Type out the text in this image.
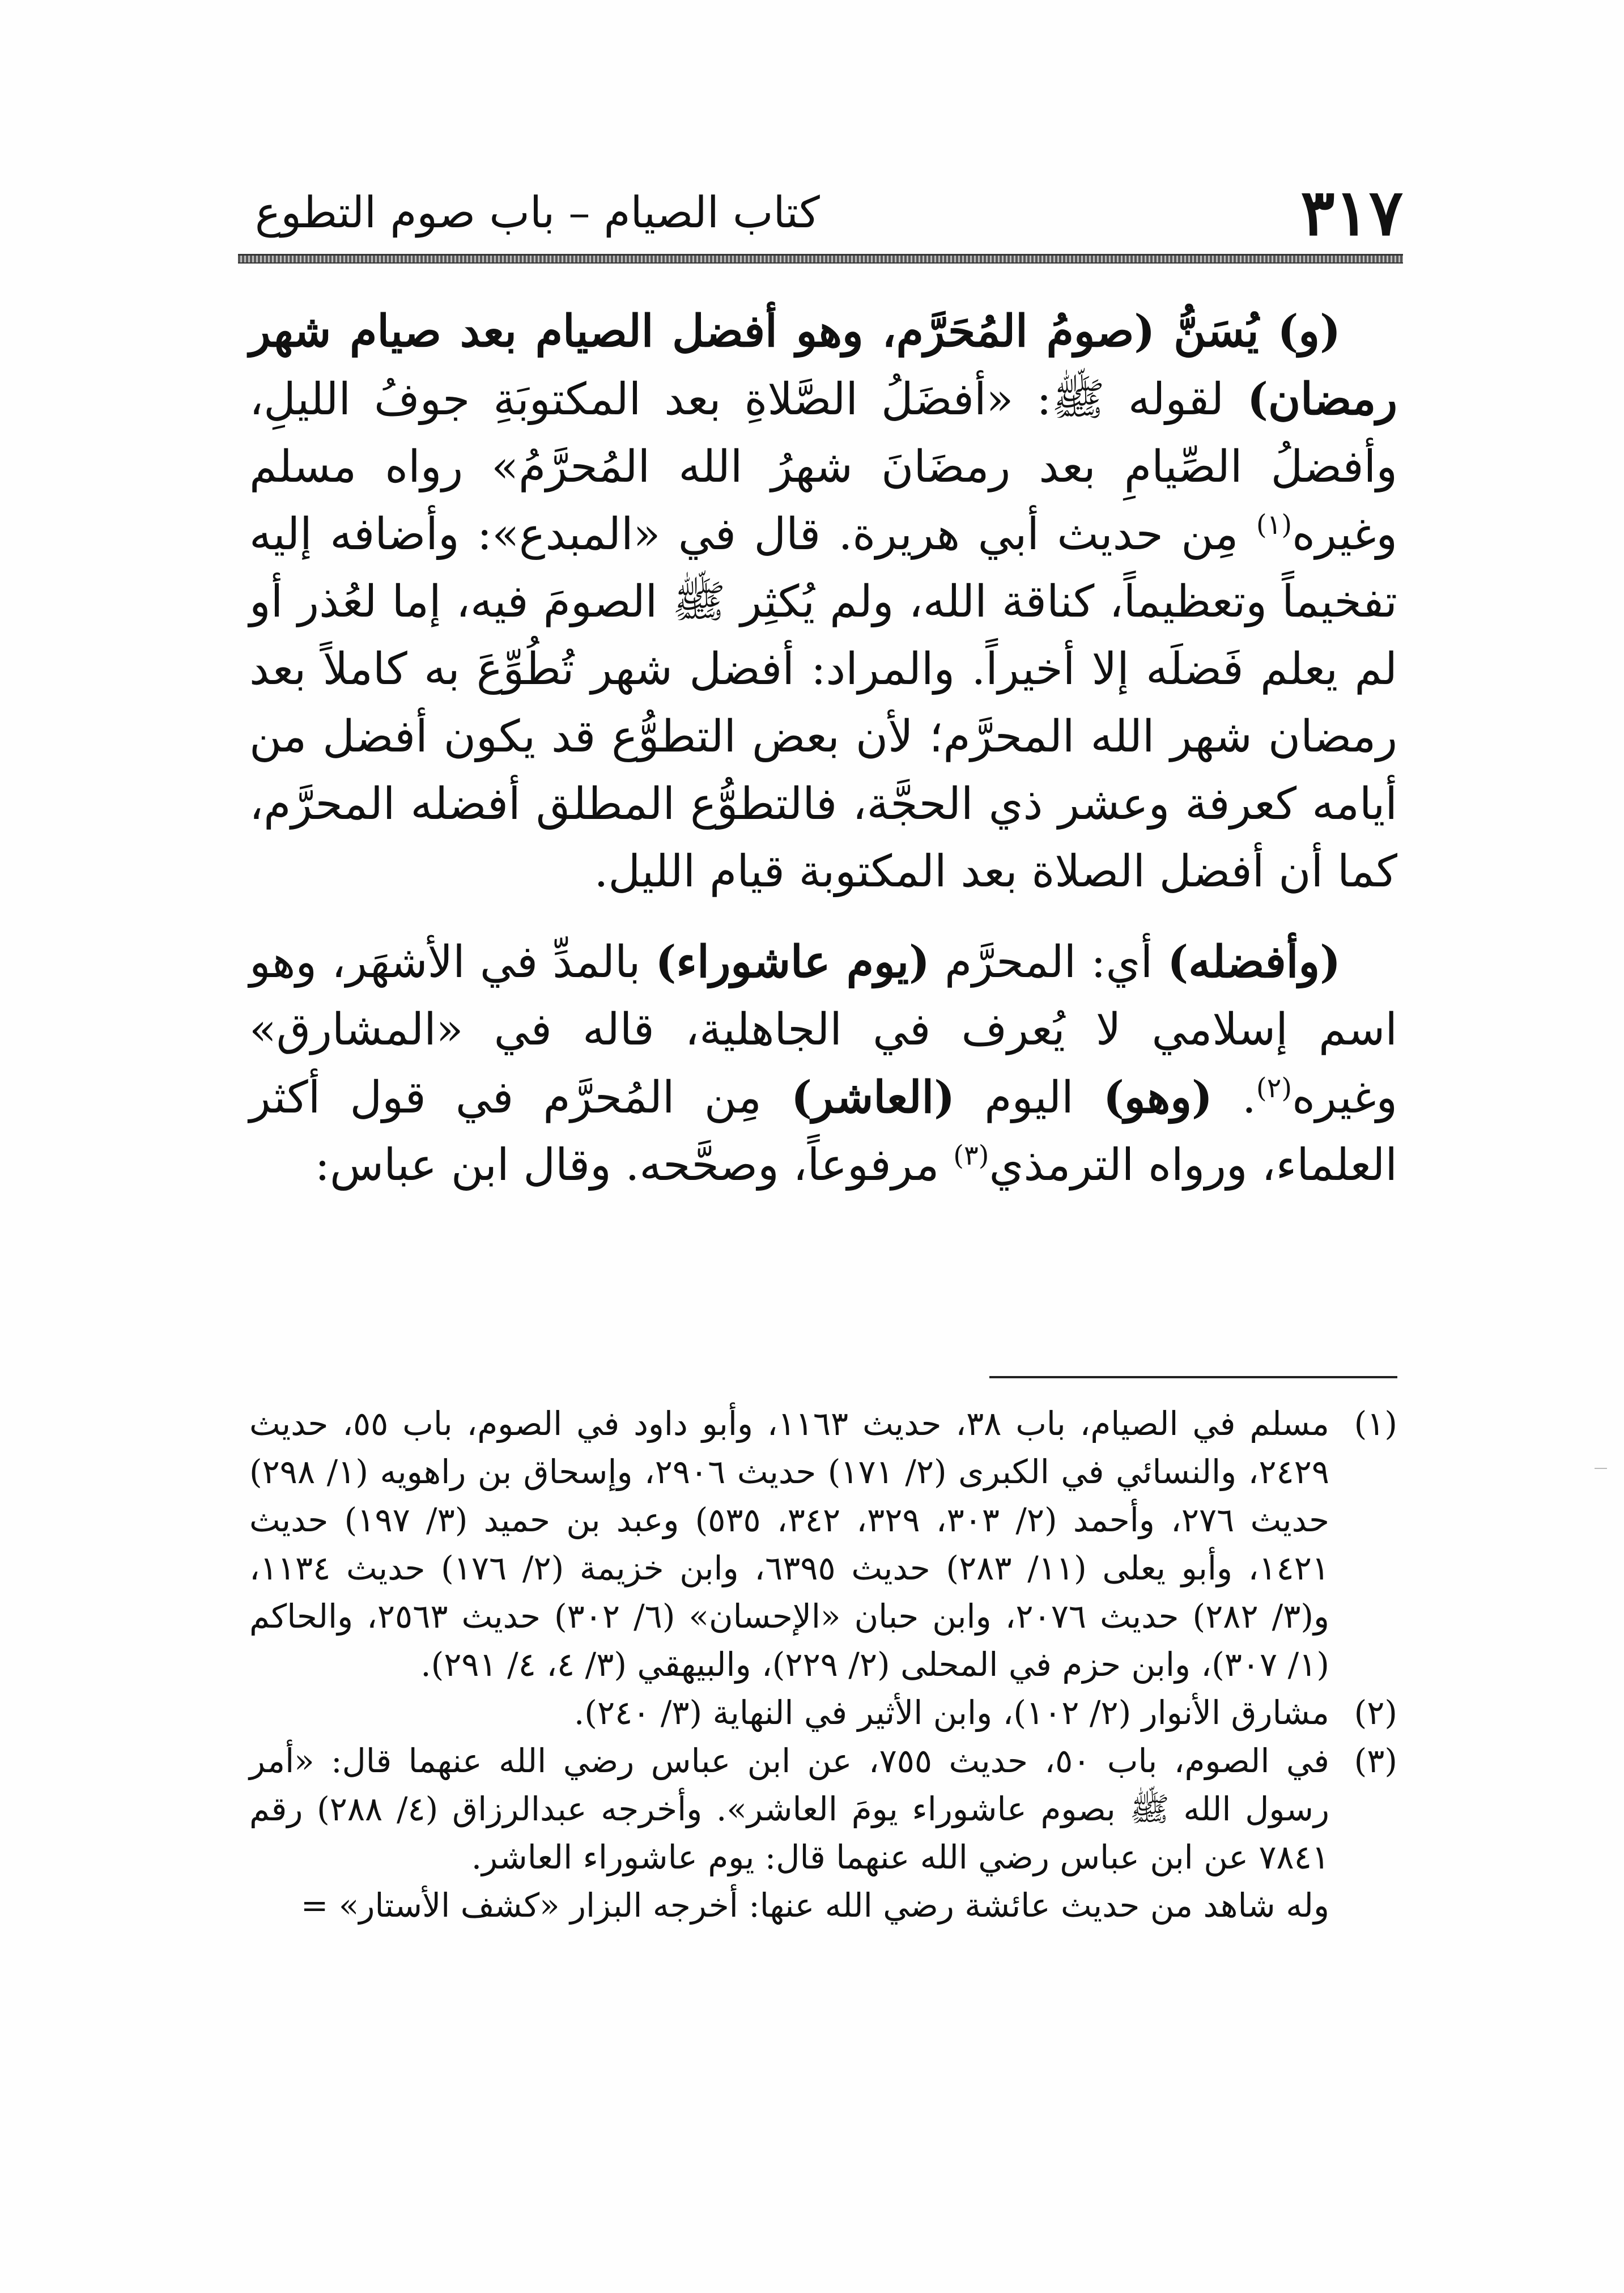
٣١٧
كتاب الصيام – باب صوم التطوع

(و) يُسَنُّ (صومُ المُحَرَّم، وهو أفضل الصيام بعد صيام شهر رمضان) لقوله ﷺ: «أفضَلُ الصَّلاةِ بعد المكتوبَةِ جوفُ الليلِ، وأفضلُ الصِّيامِ بعد رمضَانَ شهرُ الله المُحرَّمُ» رواه مسلم وغيره$^{(١)}$ مِن حديث أبي هريرة. قال في «المبدع»: وأضافه إليه تفخيماً وتعظيماً، كناقة الله، ولم يُكثِر ﷺ الصومَ فيه، إما لعُذر أو لم يعلم فَضلَه إلا أخيراً. والمراد: أفضل شهر تُطُوِّعَ به كاملاً بعد رمضان شهر الله المحرَّم؛ لأن بعض التطوُّع قد يكون أفضل من أيامه كعرفة وعشر ذي الحجَّة، فالتطوُّع المطلق أفضله المحرَّم، كما أن أفضل الصلاة بعد المكتوبة قيام الليل.

(وأفضله) أي: المحرَّم (يوم عاشوراء) بالمدِّ في الأشهَر، وهو اسم إسلامي لا يُعرف في الجاهلية، قاله في «المشارق» وغيره$^{(٢)}$. (وهو) اليوم (العاشر) مِن المُحرَّم في قول أكثر العلماء، ورواه الترمذي$^{(٣)}$ مرفوعاً، وصحَّحه. وقال ابن عباس:

(١)
مسلم في الصيام، باب ٣٨، حديث ١١٦٣، وأبو داود في الصوم، باب ٥٥، حديث ٢٤٢٩، والنسائي في الكبرى (٢/ ١٧١) حديث ٢٩٠٦، وإسحاق بن راهويه (١/ ٢٩٨) حديث ٢٧٦، وأحمد (٢/ ٣٠٣، ٣٢٩، ٣٤٢، ٥٣٥) وعبد بن حميد (٣/ ١٩٧) حديث ١٤٢١، وأبو يعلى (١١/ ٢٨٣) حديث ٦٣٩٥، وابن خزيمة (٢/ ١٧٦) حديث ١١٣٤، و(٣/ ٢٨٢) حديث ٢٠٧٦، وابن حبان «الإحسان» (٦/ ٣٠٢) حديث ٢٥٦٣، والحاكم (١/ ٣٠٧)، وابن حزم في المحلى (٢/ ٢٢٩)، والبيهقي (٣/ ٤، ٤/ ٢٩١).
(٢)
مشارق الأنوار (٢/ ١٠٢)، وابن الأثير في النهاية (٣/ ٢٤٠).
(٣)
في الصوم، باب ٥٠، حديث ٧٥٥، عن ابن عباس رضي الله عنهما قال: «أمر رسول الله ﷺ بصوم عاشوراء يومَ العاشر». وأخرجه عبدالرزاق (٤/ ٢٨٨) رقم ٧٨٤١ عن ابن عباس رضي الله عنهما قال: يوم عاشوراء العاشر.
وله شاهد من حديث عائشة رضي الله عنها: أخرجه البزار «كشف الأستار» =
